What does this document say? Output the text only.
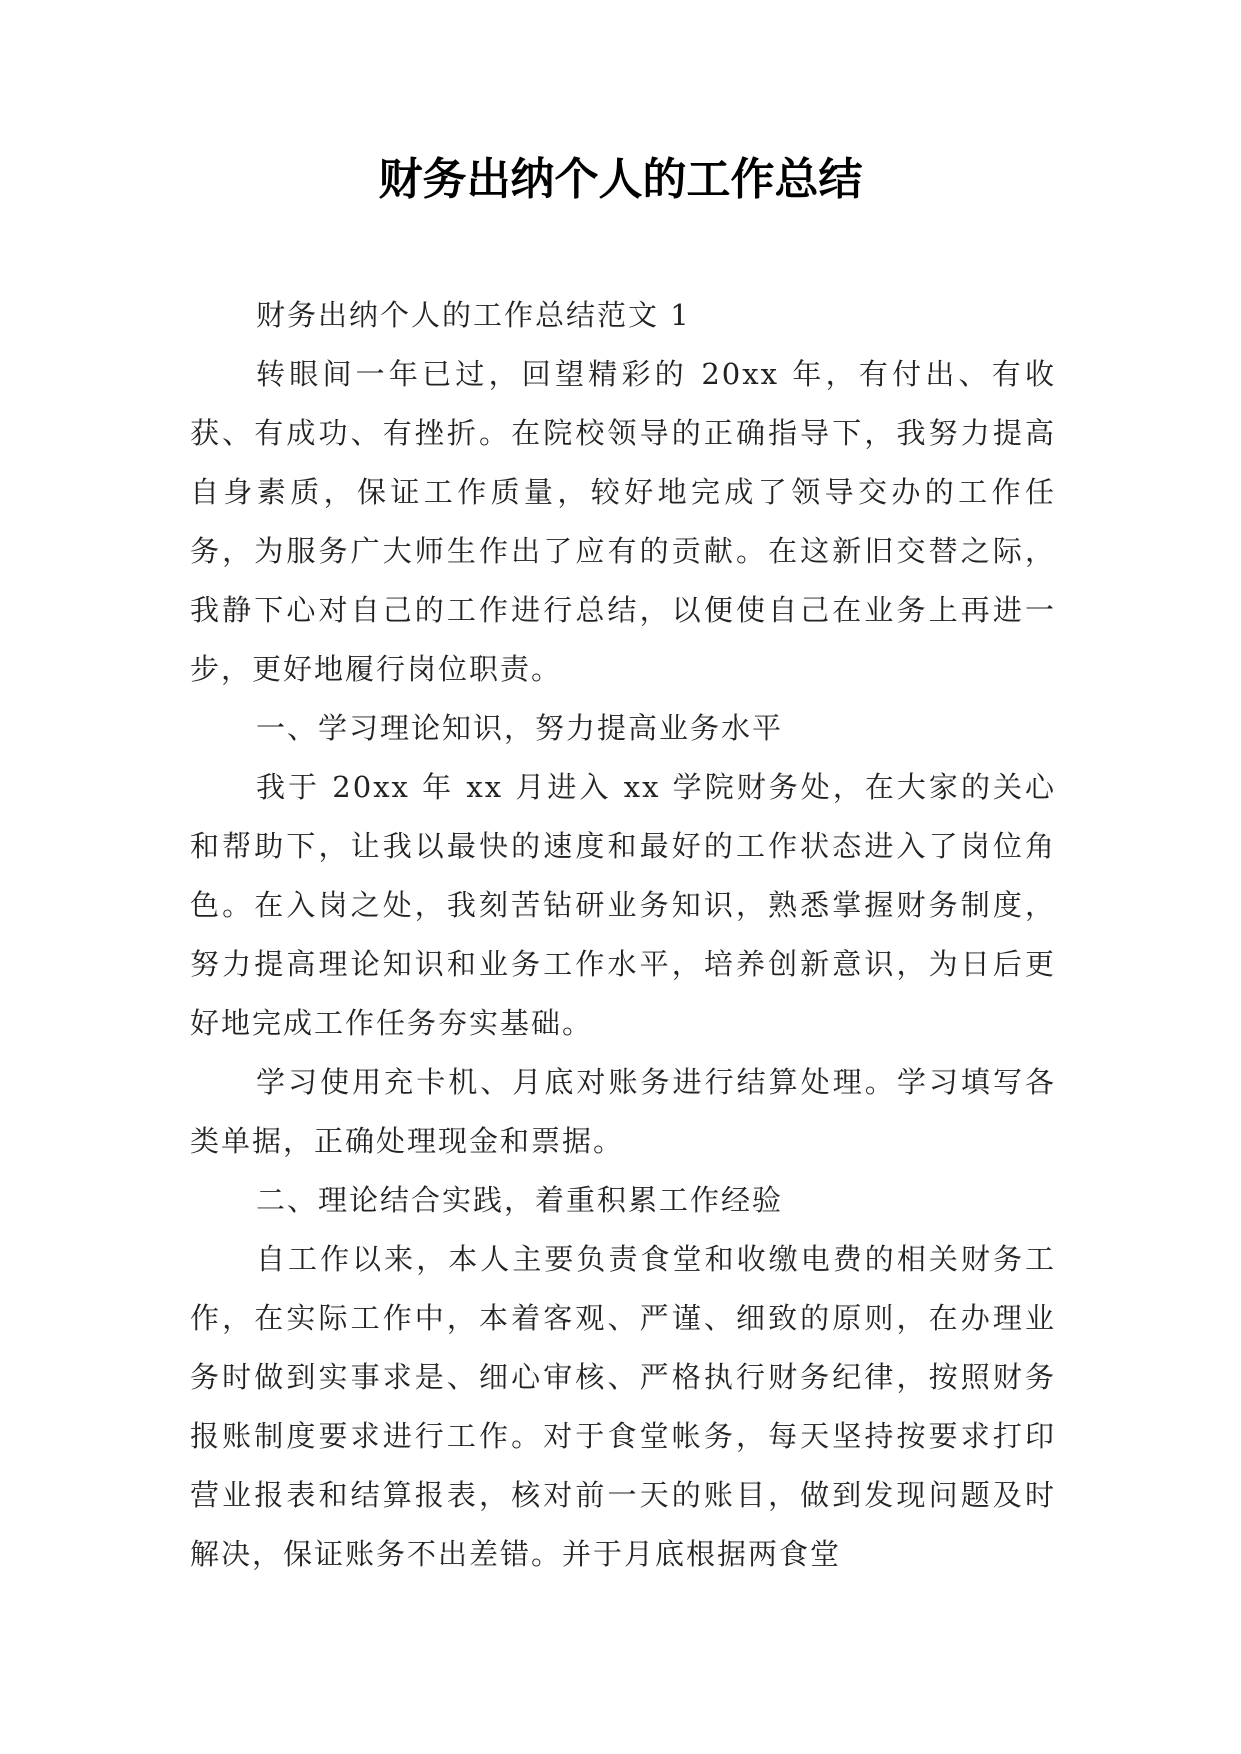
财务出纳个人的工作总结

财务出纳个人的工作总结范文 1

转眼间一年已过，回望精彩的 20xx 年，有付出、有收获、有成功、有挫折。在院校领导的正确指导下，我努力提高自身素质，保证工作质量，较好地完成了领导交办的工作任务，为服务广大师生作出了应有的贡献。在这新旧交替之际，我静下心对自己的工作进行总结，以便使自己在业务上再进一步，更好地履行岗位职责。

一、学习理论知识，努力提高业务水平

我于 20xx 年 xx 月进入 xx 学院财务处，在大家的关心和帮助下，让我以最快的速度和最好的工作状态进入了岗位角色。在入岗之处，我刻苦钻研业务知识，熟悉掌握财务制度，努力提高理论知识和业务工作水平，培养创新意识，为日后更好地完成工作任务夯实基础。

学习使用充卡机、月底对账务进行结算处理。学习填写各类单据，正确处理现金和票据。

二、理论结合实践，着重积累工作经验

自工作以来，本人主要负责食堂和收缴电费的相关财务工作，在实际工作中，本着客观、严谨、细致的原则，在办理业务时做到实事求是、细心审核、严格执行财务纪律，按照财务报账制度要求进行工作。对于食堂帐务，每天坚持按要求打印营业报表和结算报表，核对前一天的账目，做到发现问题及时解决，保证账务不出差错。并于月底根据两食堂
